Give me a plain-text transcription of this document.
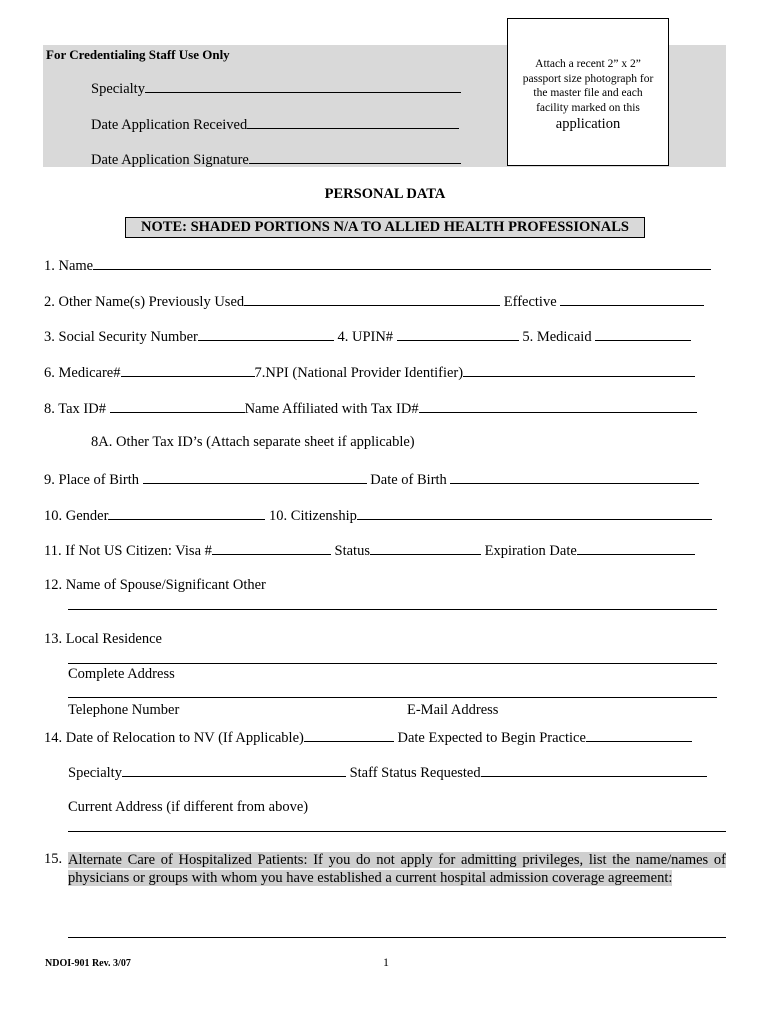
For Credentialing Staff Use Only
Specialty
Date Application Received
Date Application Signature
Attach a recent 2” x 2”
passport size photograph for
the master file and each
facility marked on this
application
PERSONAL DATA
NOTE: SHADED PORTIONS N/A TO ALLIED HEALTH PROFESSIONALS
1. Name
2. Other Name(s) Previously Used	Effective
3. Social Security Number	4. UPIN#	5. Medicaid
6. Medicare#	7.NPI (National Provider Identifier)
8. Tax ID#	Name Affiliated with Tax ID#
8A. Other Tax ID’s (Attach separate sheet if applicable)
9. Place of Birth	Date of Birth
10. Gender	10. Citizenship
11. If Not US Citizen: Visa #	Status	Expiration Date
12. Name of Spouse/Significant Other
13. Local Residence
Complete Address
Telephone Number	E-Mail Address
14. Date of Relocation to NV (If Applicable)	Date Expected to Begin Practice
Specialty	Staff Status Requested
Current Address (if different from above)
15. Alternate Care of Hospitalized Patients: If you do not apply for admitting privileges, list the name/names of physicians or groups with whom you have established a current hospital admission coverage agreement:
NDOI-901 Rev. 3/07	1
